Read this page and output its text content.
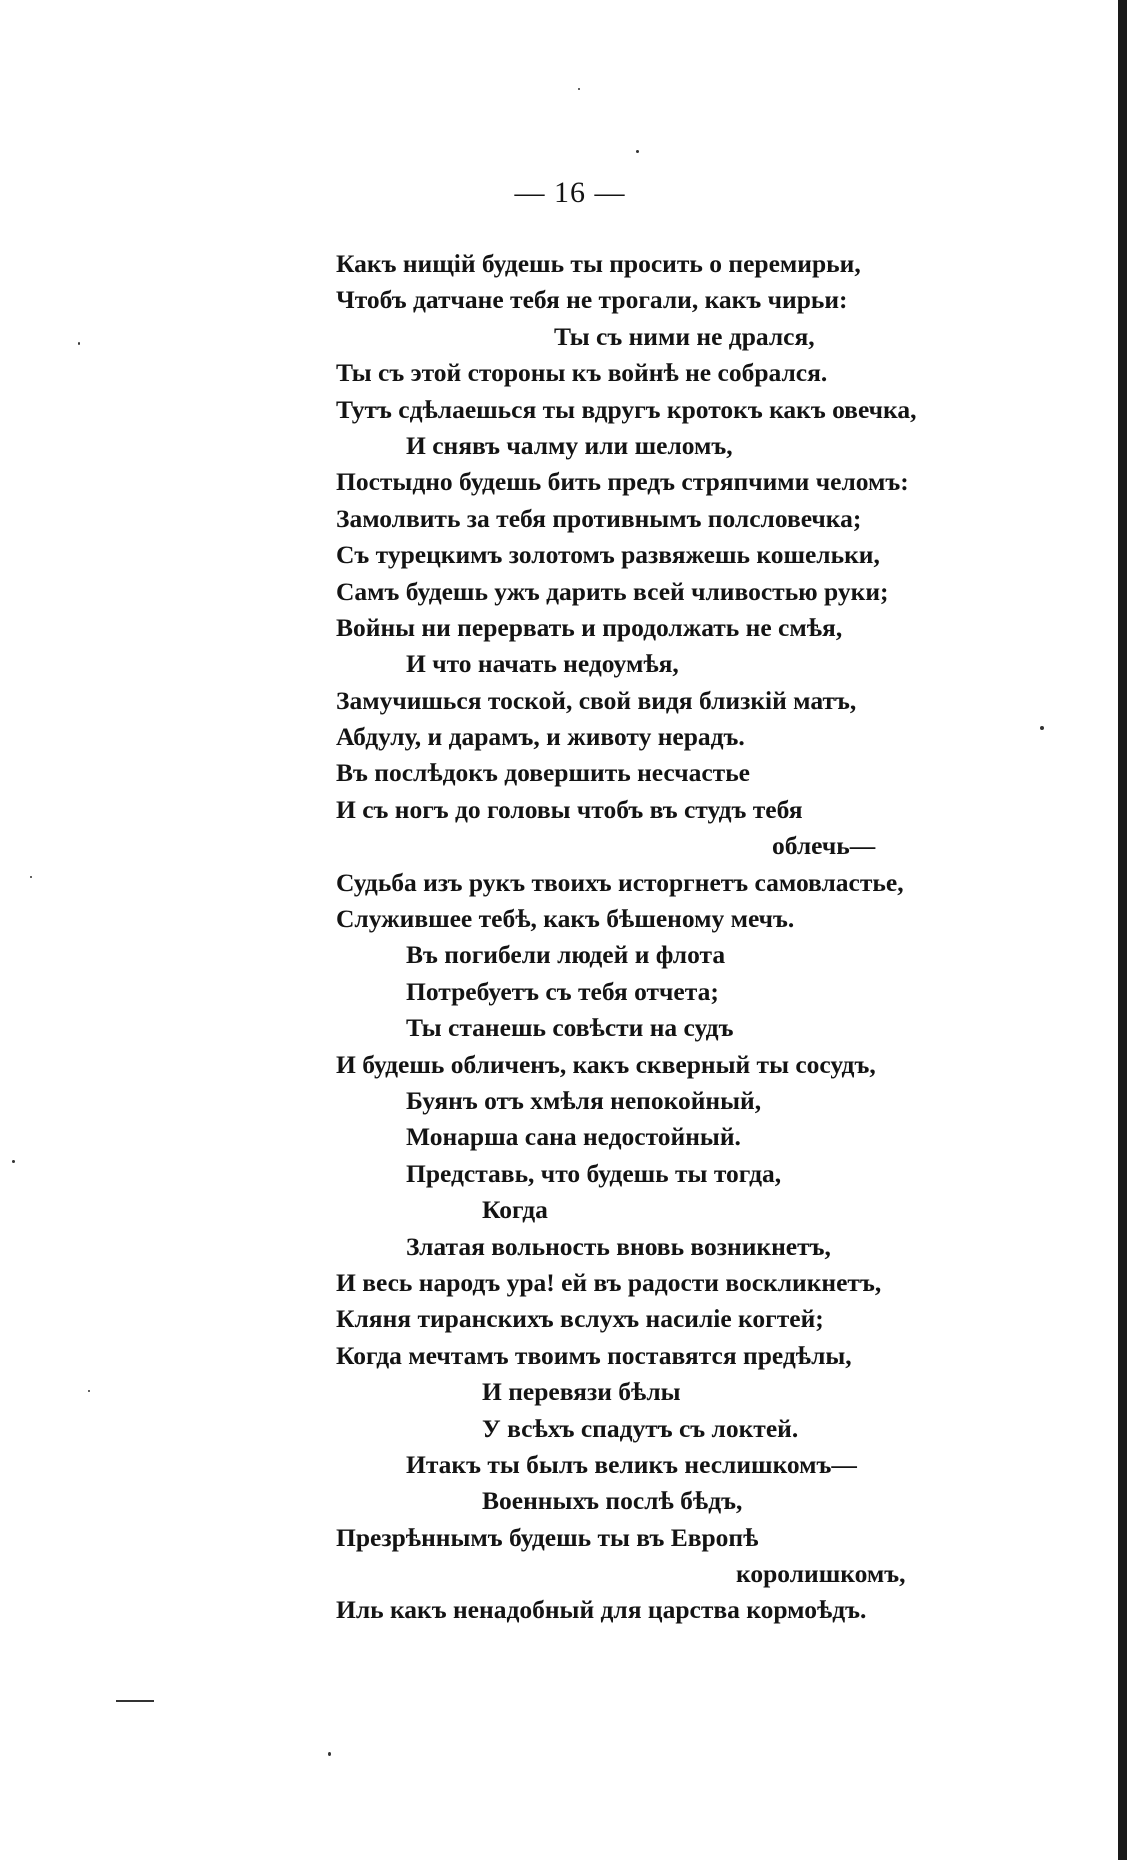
— 16 —
Какъ нищій будешь ты просить о перемирьи,
Чтобъ датчане тебя не трогали, какъ чирьи:
Ты съ ними не дрался,
Ты съ этой стороны къ войнѣ не собрался.
Тутъ сдѣлаешься ты вдругъ кротокъ какъ овечка,
И снявъ чалму или шеломъ,
Постыдно будешь бить предъ стряпчими челомъ:
Замолвить за тебя противнымъ полсловечка;
Съ турецкимъ золотомъ развяжешь кошельки,
Самъ будешь ужъ дарить всей чливостью руки;
Войны ни перервать и продолжать не смѣя,
И что начать недоумѣя,
Замучишься тоской, свой видя близкій матъ,
Абдулу, и дарамъ, и животу нерадъ.
Въ послѣдокъ довершить несчастье
И съ ногъ до головы чтобъ въ студъ тебя
облечь—
Судьба изъ рукъ твоихъ исторгнетъ самовластье,
Служившее тебѣ, какъ бѣшеному мечъ.
Въ погибели людей и флота
Потребуетъ съ тебя отчета;
Ты станешь совѣсти на судъ
И будешь обличенъ, какъ скверный ты сосудъ,
Буянъ отъ хмѣля непокойный,
Монарша сана недостойный.
Представь, что будешь ты тогда,
Когда
Златая вольность вновь возникнетъ,
И весь народъ ура! ей въ радости воскликнетъ,
Кляня тиранскихъ вслухъ насиліе когтей;
Когда мечтамъ твоимъ поставятся предѣлы,
И перевязи бѣлы
У всѣхъ спадутъ съ локтей.
Итакъ ты былъ великъ неслишкомъ—
Военныхъ послѣ бѣдъ,
Презрѣннымъ будешь ты въ Европѣ
королишкомъ,
Иль какъ ненадобный для царства кормоѣдъ.
